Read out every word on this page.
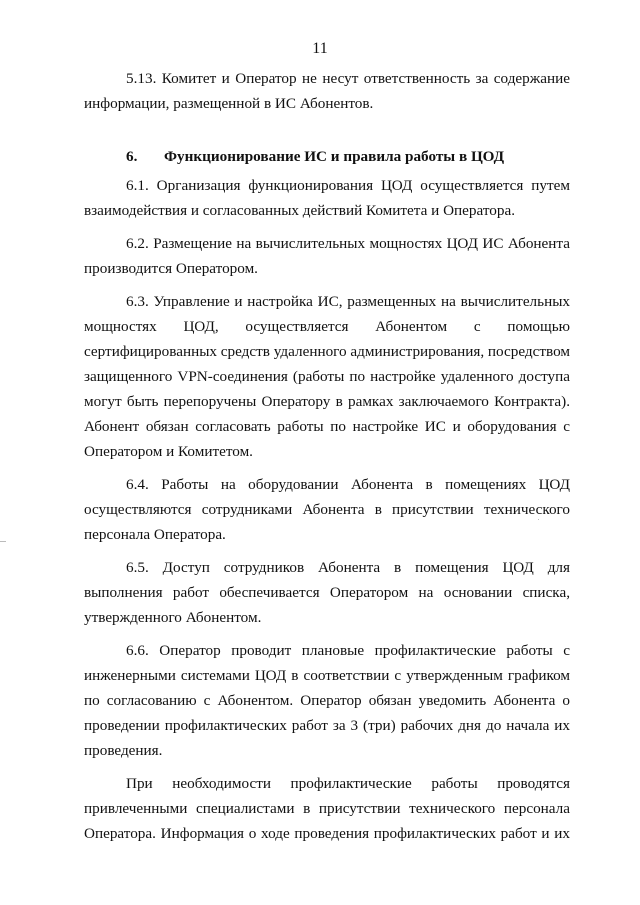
11

5.13. Комитет и Оператор не несут ответственность за содержание информации, размещенной в ИС Абонентов.

6. Функционирование ИС и правила работы в ЦОД

6.1. Организация функционирования ЦОД осуществляется путем взаимодействия и согласованных действий Комитета и Оператора.

6.2. Размещение на вычислительных мощностях ЦОД ИС Абонента производится Оператором.

6.3. Управление и настройка ИС, размещенных на вычислительных мощностях ЦОД, осуществляется Абонентом с помощью сертифицированных средств удаленного администрирования, посредством защищенного VPN-соединения (работы по настройке удаленного доступа могут быть перепоручены Оператору в рамках заключаемого Контракта). Абонент обязан согласовать работы по настройке ИС и оборудования с Оператором и Комитетом.

6.4. Работы на оборудовании Абонента в помещениях ЦОД осуществляются сотрудниками Абонента в присутствии технического персонала Оператора.

6.5. Доступ сотрудников Абонента в помещения ЦОД для выполнения работ обеспечивается Оператором на основании списка, утвержденного Абонентом.

6.6. Оператор проводит плановые профилактические работы с инженерными системами ЦОД в соответствии с утвержденным графиком по согласованию с Абонентом. Оператор обязан уведомить Абонента о проведении профилактических работ за 3 (три) рабочих дня до начала их проведения.

При необходимости профилактические работы проводятся привлеченными специалистами в присутствии технического персонала Оператора. Информация о ходе проведения профилактических работ и их
